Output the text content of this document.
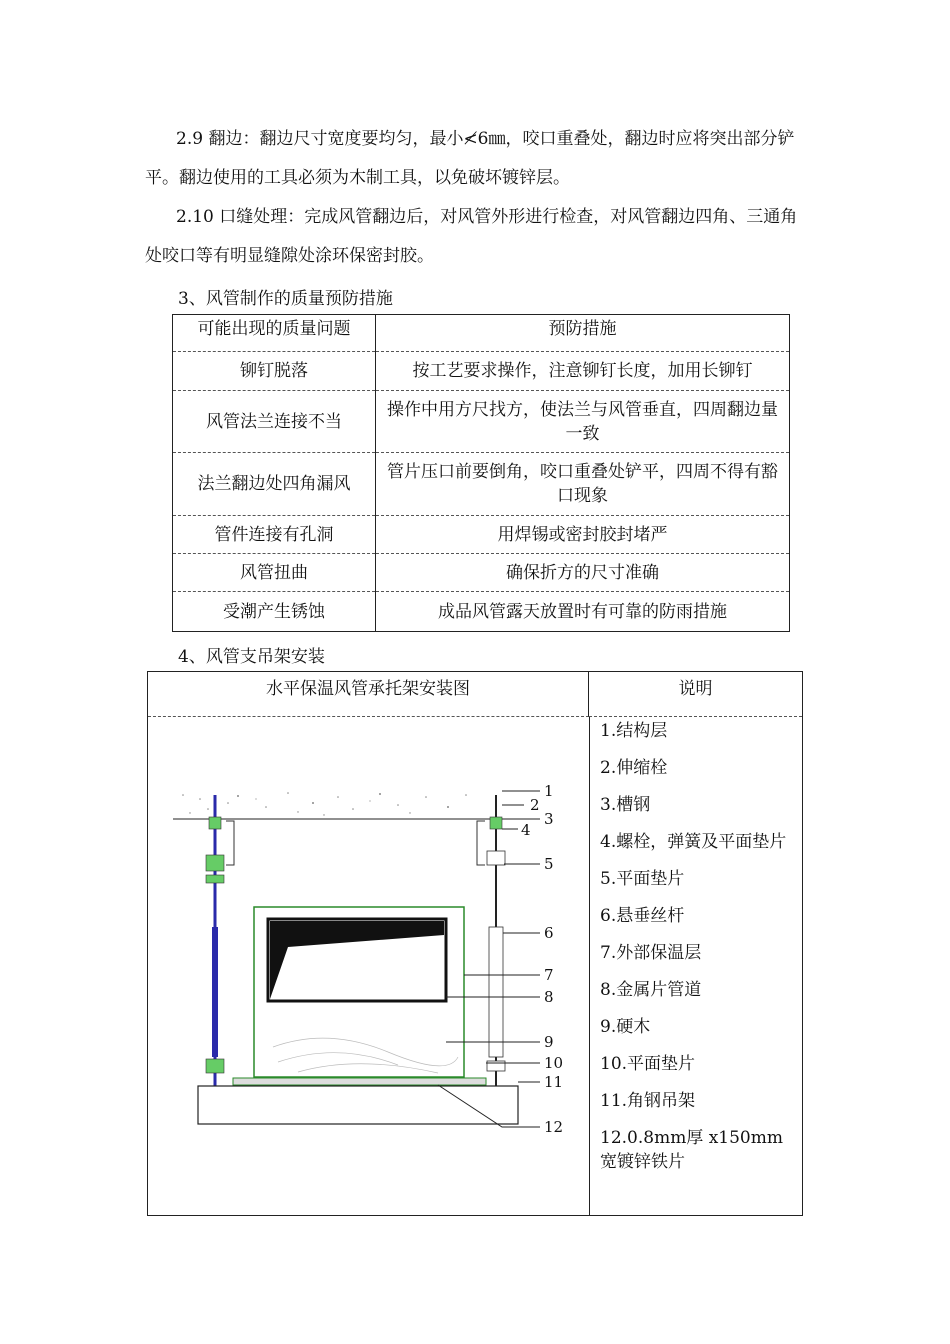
2.9 翻边：翻边尺寸宽度要均匀，最小≮6㎜，咬口重叠处，翻边时应将突出部分铲平。翻边使用的工具必须为木制工具，以免破坏镀锌层。

2.10 口缝处理：完成风管翻边后，对风管外形进行检查，对风管翻边四角、三通角处咬口等有明显缝隙处涂环保密封胶。

3、风管制作的质量预防措施

可能出现的质量问题	预防措施
铆钉脱落	按工艺要求操作，注意铆钉长度，加用长铆钉
风管法兰连接不当	操作中用方尺找方，使法兰与风管垂直，四周翻边量一致
法兰翻边处四角漏风	管片压口前要倒角，咬口重叠处铲平，四周不得有豁口现象
管件连接有孔洞	用焊锡或密封胶封堵严
风管扭曲	确保折方的尺寸准确
受潮产生锈蚀	成品风管露天放置时有可靠的防雨措施

4、风管支吊架安装

水平保温风管承托架安装图	说明
1
2
3
4
5
6
7
8
9
10
11
12
1.结构层
2.伸缩栓
3.槽钢
4.螺栓，弹簧及平面垫片
5.平面垫片
6.悬垂丝杆
7.外部保温层
8.金属片管道
9.硬木
10.平面垫片
11.角钢吊架
12.0.8mm厚 x150mm宽镀锌铁片
